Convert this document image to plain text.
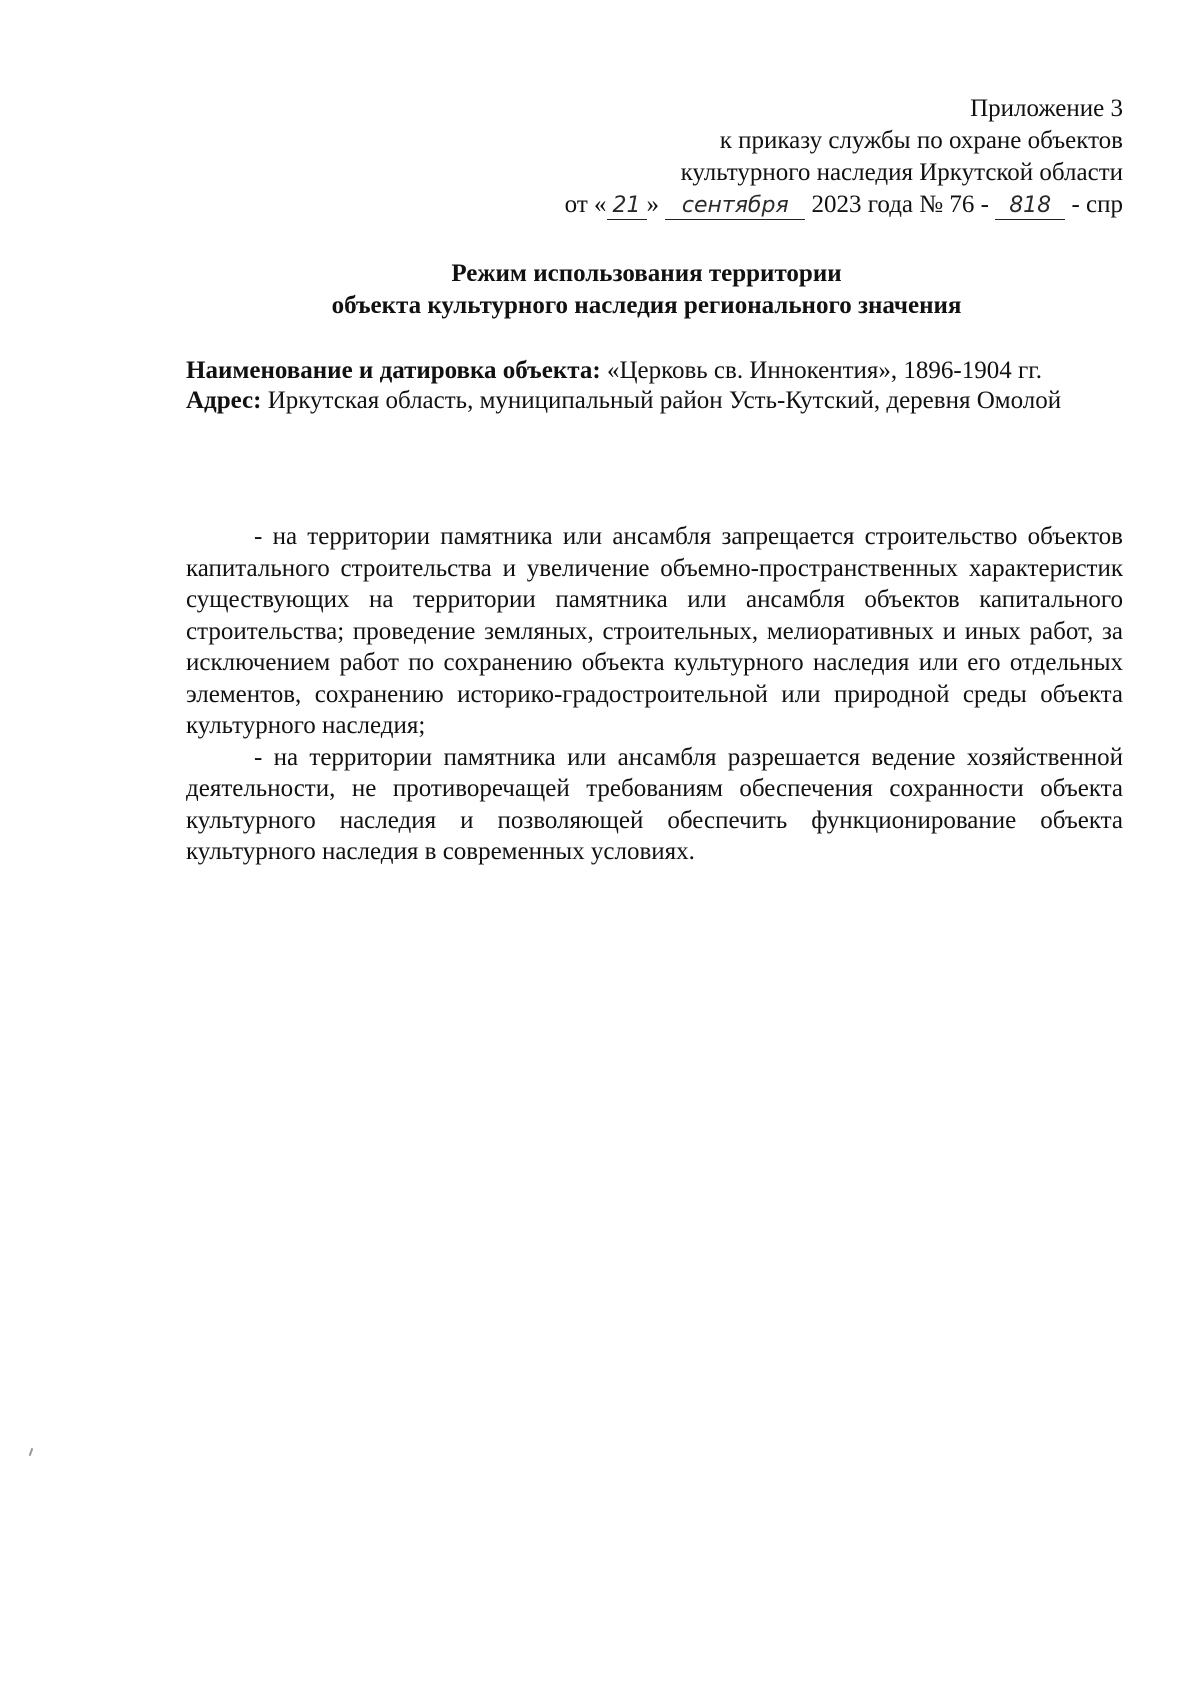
Приложение 3
к приказу службы по охране объектов
культурного наследия Иркутской области
от « 21 » сентября 2023 года № 76 - 818 - спр
Режим использования территории
объекта культурного наследия регионального значения

Наименование и датировка объекта: «Церковь св. Иннокентия», 1896-1904 гг.

Адрес: Иркутская область, муниципальный район Усть-Кутский, деревня Омолой

- на территории памятника или ансамбля запрещается строительство объектов капитального строительства и увеличение объемно-пространственных характеристик существующих на территории памятника или ансамбля объектов капитального строительства; проведение земляных, строительных, мелиоративных и иных работ, за исключением работ по сохранению объекта культурного наследия или его отдельных элементов, сохранению историко-градостроительной или природной среды объекта культурного наследия;

- на территории памятника или ансамбля разрешается ведение хозяйственной деятельности, не противоречащей требованиям обеспечения сохранности объекта культурного наследия и позволяющей обеспечить функционирование объекта культурного наследия в современных условиях.
